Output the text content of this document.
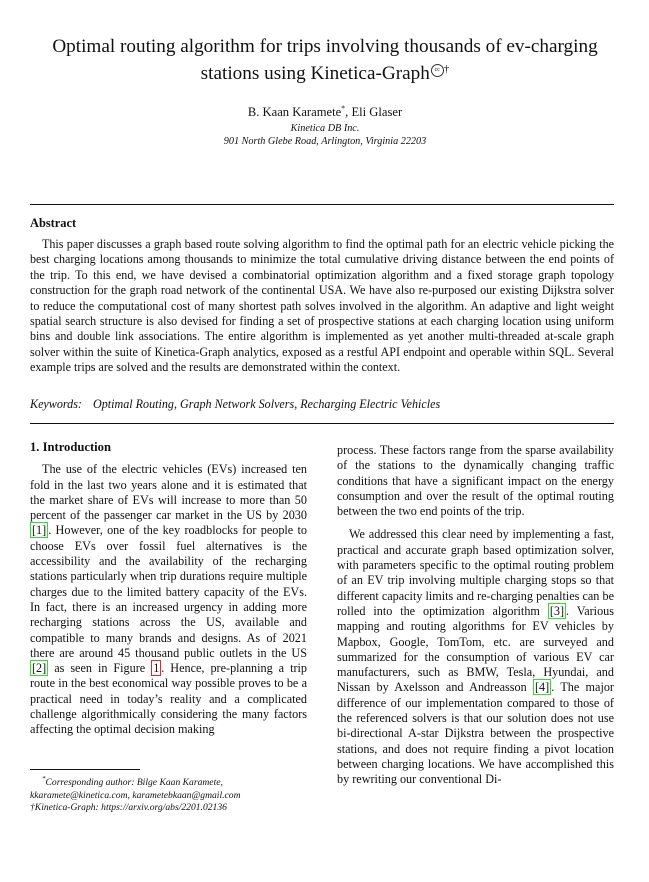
Optimal routing algorithm for trips involving thousands of ev-charging
stations using Kinetica-Graph cc †
B. Kaan Karamete*, Eli Glaser
Kinetica DB Inc.
901 North Glebe Road, Arlington, Virginia 22203
Abstract
This paper discusses a graph based route solving algorithm to find the optimal path for an electric vehicle picking the best charging locations among thousands to minimize the total cumulative driving distance between the end points of the trip. To this end, we have devised a combinatorial optimization algorithm and a fixed storage graph topology construction for the graph road network of the continental USA. We have also re-purposed our existing Dijkstra solver to reduce the computational cost of many shortest path solves involved in the algorithm. An adaptive and light weight spatial search structure is also devised for finding a set of prospective stations at each charging location using uniform bins and double link associations. The entire algorithm is implemented as yet another multi-threaded at-scale graph solver within the suite of Kinetica-Graph analytics, exposed as a restful API endpoint and operable within SQL. Several example trips are solved and the results are demonstrated within the context.
Keywords: Optimal Routing, Graph Network Solvers, Recharging Electric Vehicles
1. Introduction

The use of the electric vehicles (EVs) increased ten fold in the last two years alone and it is estimated that the market share of EVs will increase to more than 50 percent of the passenger car market in the US by 2030 [1] . However, one of the key roadblocks for people to choose EVs over fossil fuel alternatives is the accessibility and the availability of the recharging stations particularly when trip durations require multiple charges due to the limited battery capacity of the EVs. In fact, there is an increased urgency in adding more recharging stations across the US, available and compatible to many brands and designs. As of 2021 there are around 45 thousand public outlets in the US [2] as seen in Figure 1 . Hence, pre-planning a trip route in the best economical way possible proves to be a practical need in today’s reality and a complicated challenge algorithmically considering the many factors affecting the optimal decision making

process. These factors range from the sparse availability of the stations to the dynamically changing traffic conditions that have a significant impact on the energy consumption and over the result of the optimal routing between the two end points of the trip.

We addressed this clear need by implementing a fast, practical and accurate graph based optimization solver, with parameters specific to the optimal routing problem of an EV trip involving multiple charging stops so that different capacity limits and re-charging penalties can be rolled into the optimization algorithm [3] . Various mapping and routing algorithms for EV vehicles by Mapbox, Google, TomTom, etc. are surveyed and summarized for the consumption of various EV car manufacturers, such as BMW, Tesla, Hyundai, and Nissan by Axelsson and Andreasson [4] . The major difference of our implementation compared to those of the referenced solvers is that our solution does not use bi-directional A-star Dijkstra between the prospective stations, and does not require finding a pivot location between charging locations. We have accomplished this by rewriting our conventional Di-

*Corresponding author: Bilge Kaan Karamete, kkaramete@kinetica.com, karametebkaan@gmail.com
†Kinetica-Graph: https://arxiv.org/abs/2201.02136
